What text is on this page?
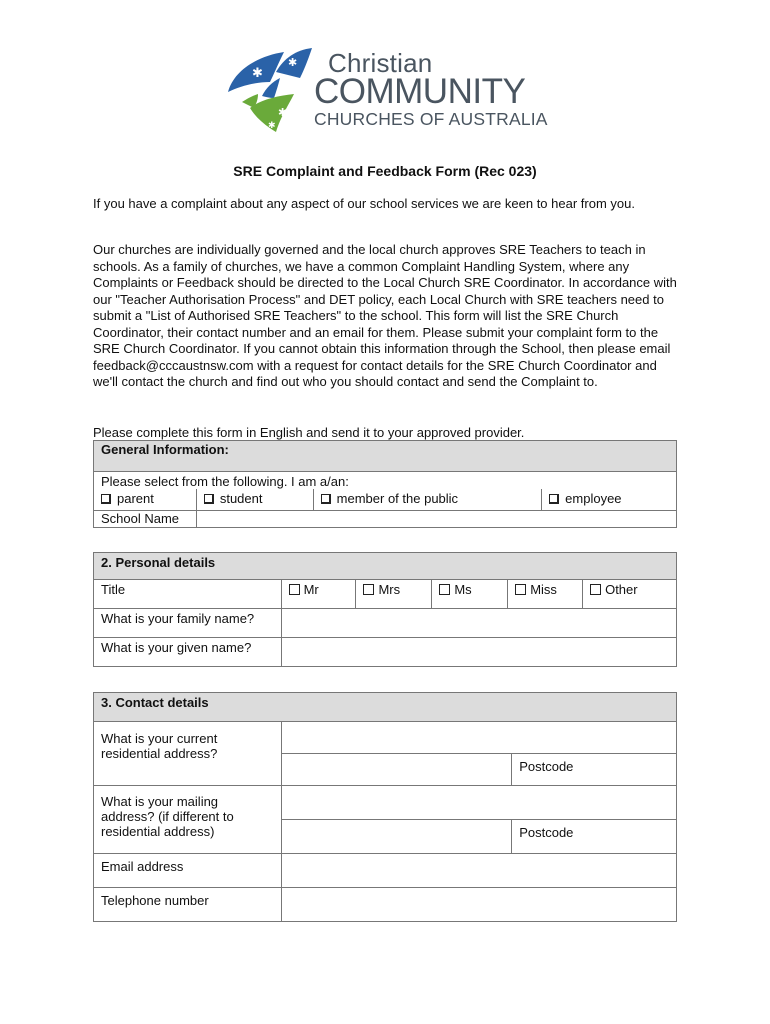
✱
✱
✱
✱
Christian
COMMUNITY
CHURCHES OF AUSTRALIA
SRE Complaint and Feedback Form (Rec 023)
If you have a complaint about any aspect of our school services we are keen to hear from you.
Our churches are individually governed and the local church approves SRE Teachers to teach in schools. As a family of churches, we have a common Complaint Handling System, where any Complaints or Feedback should be directed to the Local Church SRE Coordinator. In accordance with our "Teacher Authorisation Process" and DET policy, each Local Church with SRE teachers need to submit a "List of Authorised SRE Teachers" to the school. This form will list the SRE Church Coordinator, their contact number and an email for them. Please submit your complaint form to the SRE Church Coordinator. If you cannot obtain this information through the School, then please email feedback@cccaustnsw.com with a request for contact details for the SRE Church Coordinator and we'll contact the church and find out who you should contact and send the Complaint to.
Please complete this form in English and send it to your approved provider.
General Information:			
Please select from the following. I am a/an:			
parent	student	member of the public	employee
School Name			
2. Personal details					
Title	Mr	Mrs	Ms	Miss	Other
What is your family name?					
What is your given name?					
3. Contact details		
What is your current residential address?		
		Postcode
What is your mailing address? (if different to residential address)		
		Postcode
Email address		
Telephone number		
